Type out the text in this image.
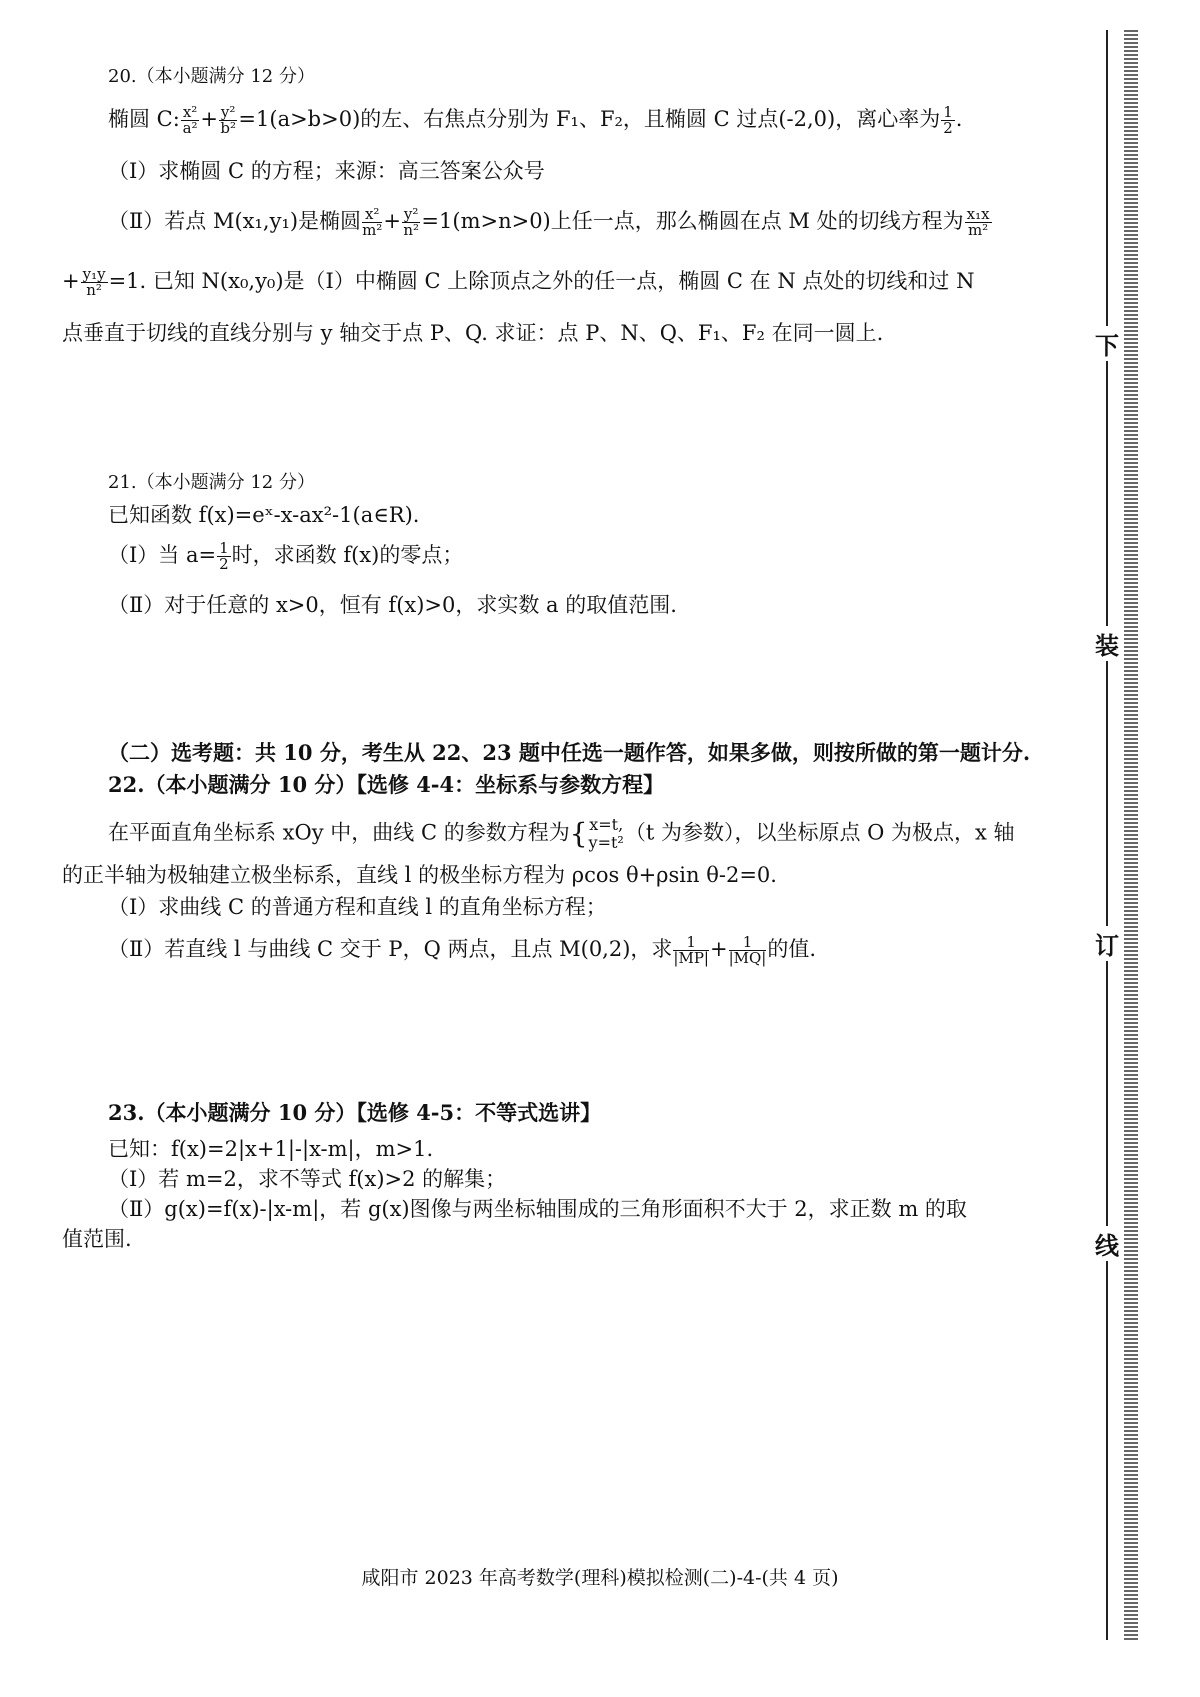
20.（本小题满分 12 分）
椭圆 C: $\frac{\text{x²}}{\text{a²}} + \frac{\text{y²}}{\text{b²}} =1(a>b>0)$的左、右焦点分别为 F₁、F₂，且椭圆 C 过点(-2,0)，离心率为 $\frac{1}{2}$ .
（Ⅰ）求椭圆 C 的方程；来源：高三答案公众号
（Ⅱ）若点 M(x₁,y₁)是椭圆 $\frac{\text{x²}}{\text{m²}} + \frac{\text{y²}}{\text{n²}} =1(m>n>0)$上任一点，那么椭圆在点 M 处的切线方程为 $\frac{\text{x₁x}}{\text{m²}}$
+ $\frac{\text{y₁y}}{\text{n²}} =1$. 已知 N(x₀,y₀)是（Ⅰ）中椭圆 C 上除顶点之外的任一点，椭圆 C 在 N 点处的切线和过 N
点垂直于切线的直线分别与 y 轴交于点 P、Q. 求证：点 P、N、Q、F₁、F₂ 在同一圆上.
21.（本小题满分 12 分）
已知函数 f(x)=eˣ-x-ax²-1(a∈R).
（Ⅰ）当 $a= \frac{1}{2}$ 时，求函数 f(x)的零点；
（Ⅱ）对于任意的 x>0，恒有 f(x)>0，求实数 a 的取值范围.
（二）选考题：共 10 分，考生从 22、23 题中任选一题作答，如果多做，则按所做的第一题计分.
22.（本小题满分 10 分）【选修 4-4：坐标系与参数方程】
在平面直角坐标系 xOy 中，曲线 C 的参数方程为{ x=t,
y=t² （t 为参数），以坐标原点 O 为极点，x 轴
的正半轴为极轴建立极坐标系，直线 l 的极坐标方程为 ρcos θ+ρsin θ-2=0.
（Ⅰ）求曲线 C 的普通方程和直线 l 的直角坐标方程；
（Ⅱ）若直线 l 与曲线 C 交于 P，Q 两点，且点 M(0,2)，求 $\frac{1}{|MP|} + \frac{1}{|MQ|}$ 的值.
23.（本小题满分 10 分）【选修 4-5：不等式选讲】
已知：f(x)=2|x+1|-|x-m|，m>1.
（Ⅰ）若 m=2，求不等式 f(x)>2 的解集；
（Ⅱ）g(x)=f(x)-|x-m|，若 g(x)图像与两坐标轴围成的三角形面积不大于 2，求正数 m 的取
值范围.
咸阳市 2023 年高考数学(理科)模拟检测(二)-4-(共 4 页)
下
装
订
线
